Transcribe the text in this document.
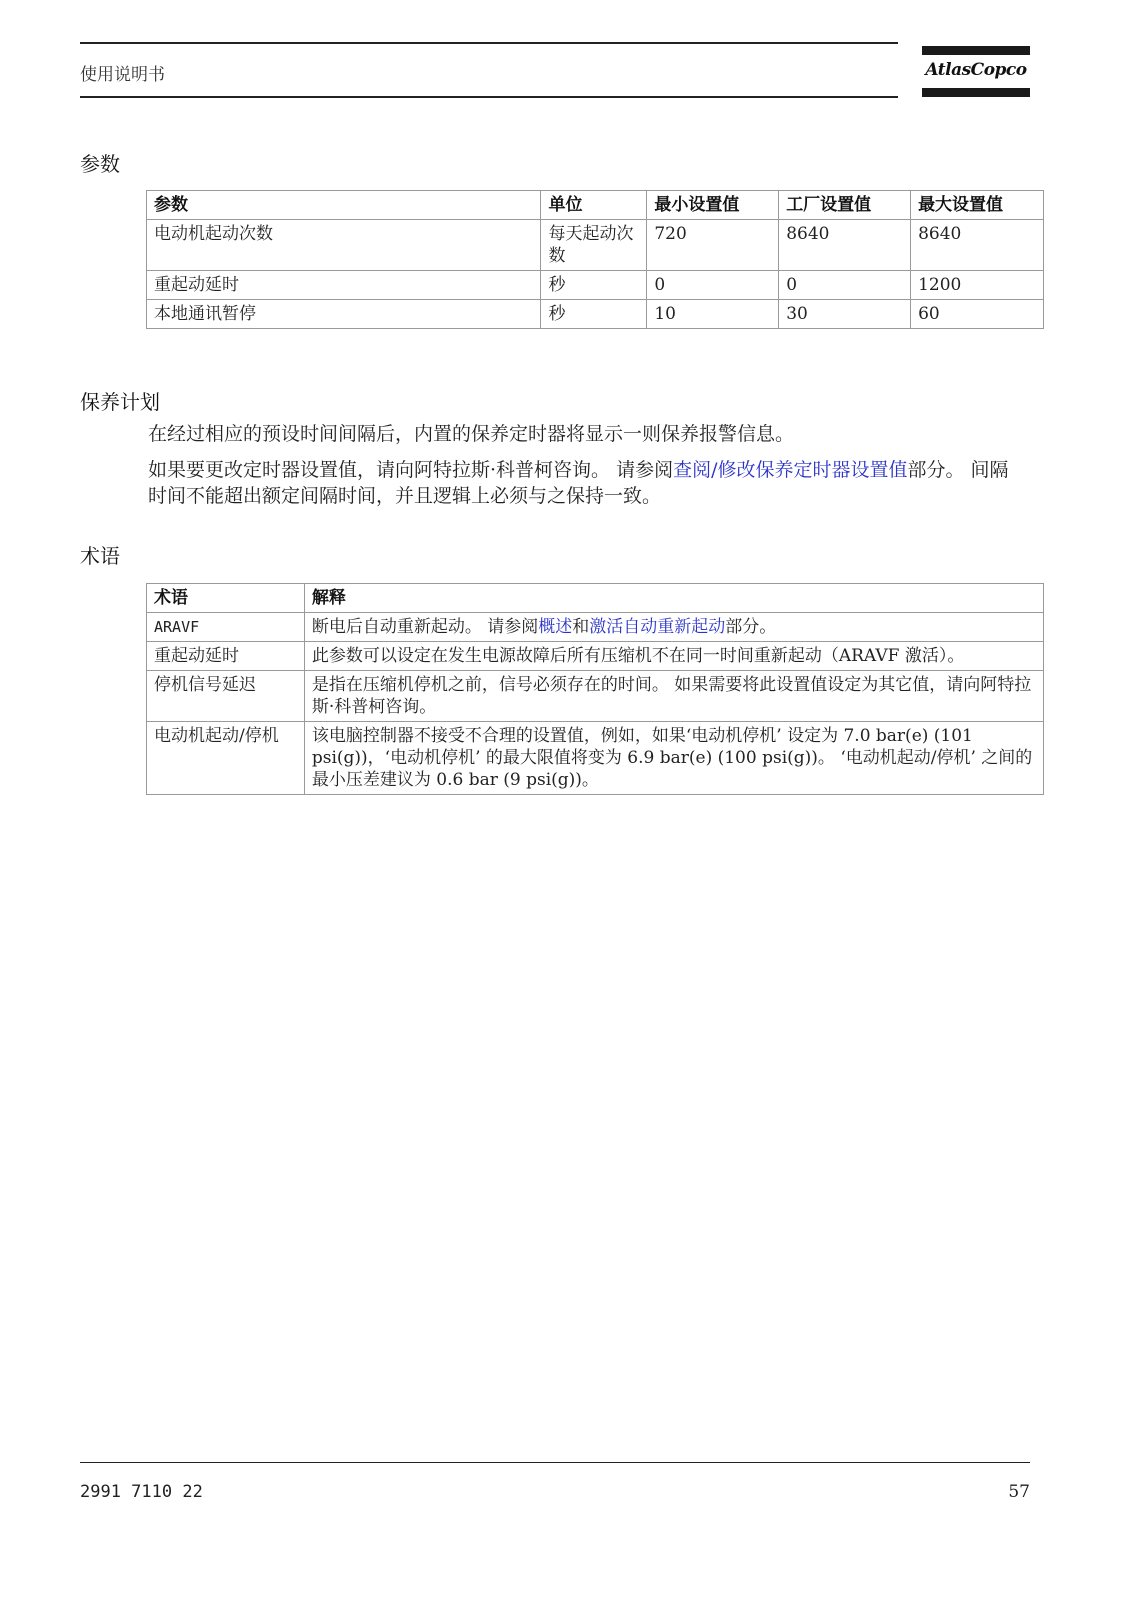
使用说明书	AtlasCopco
参数
参数	单位	最小设置值	工厂设置值	最大设置值
电动机起动次数	每天起动次数	720	8640	8640
重起动延时	秒	0	0	1200
本地通讯暂停	秒	10	30	60
保养计划

在经过相应的预设时间间隔后，内置的保养定时器将显示一则保养报警信息。

如果要更改定时器设置值，请向阿特拉斯·科普柯咨询。 请参阅查阅/修改保养定时器设置值部分。 间隔时间不能超出额定间隔时间，并且逻辑上必须与之保持一致。

术语
术语	解释
ARAVF	断电后自动重新起动。 请参阅概述和激活自动重新起动部分。
重起动延时	此参数可以设定在发生电源故障后所有压缩机不在同一时间重新起动（ARAVF 激活）。
停机信号延迟	是指在压缩机停机之前，信号必须存在的时间。 如果需要将此设置值设定为其它值，请向阿特拉斯·科普柯咨询。
电动机起动/停机	该电脑控制器不接受不合理的设置值，例如，如果‘电动机停机’ 设定为 7.0 bar(e) (101 psi(g))，‘电动机停机’ 的最大限值将变为 6.9 bar(e) (100 psi(g))。 ‘电动机起动/停机’ 之间的最小压差建议为 0.6 bar (9 psi(g))。
2991 7110 22	57
